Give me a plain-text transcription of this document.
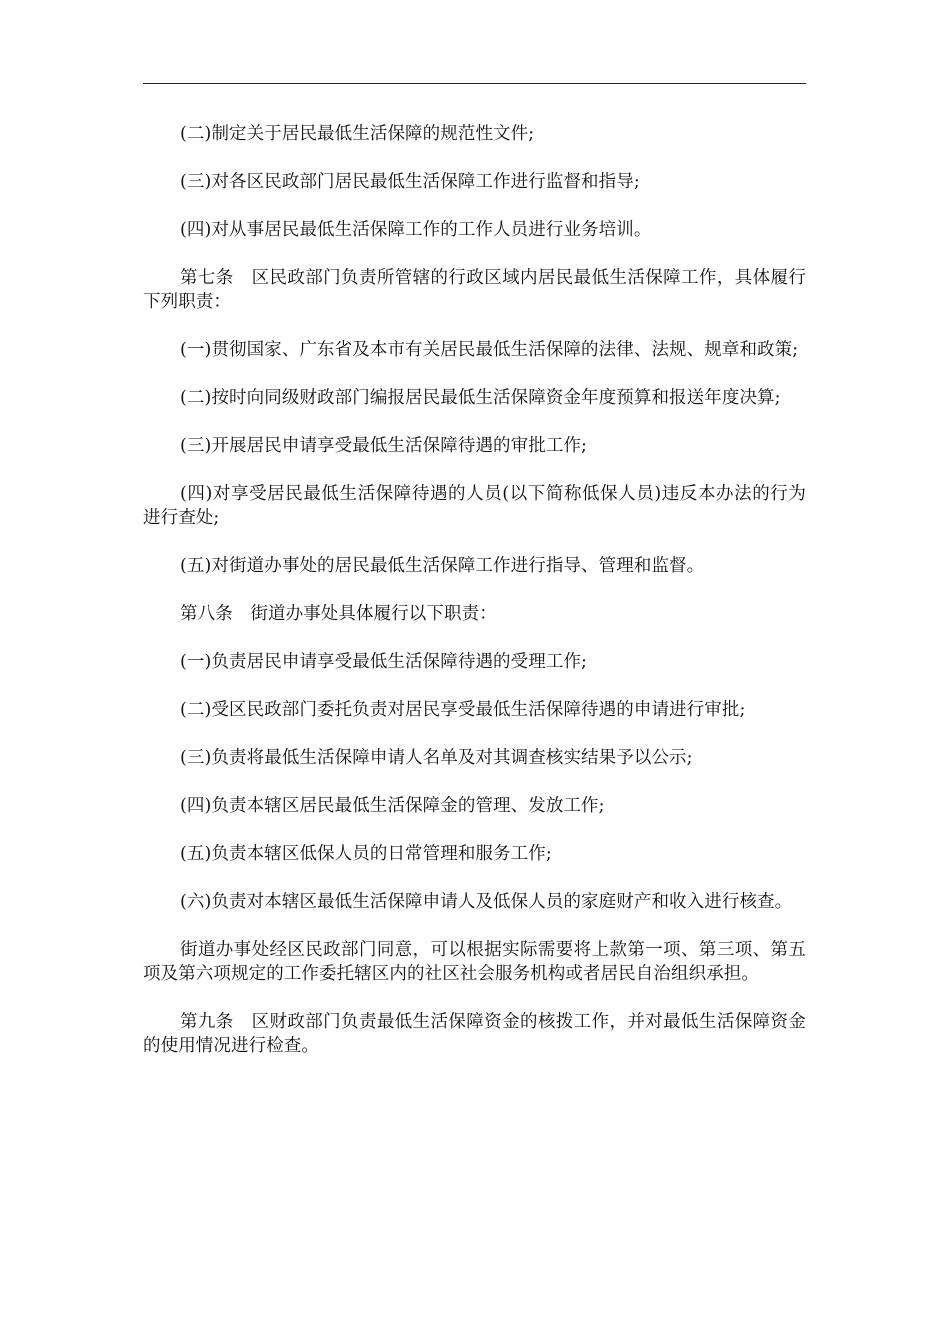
(二)制定关于居民最低生活保障的规范性文件;

(三)对各区民政部门居民最低生活保障工作进行监督和指导;

(四)对从事居民最低生活保障工作的工作人员进行业务培训。

第七条　区民政部门负责所管辖的行政区域内居民最低生活保障工作，具体履行下列职责：

(一)贯彻国家、广东省及本市有关居民最低生活保障的法律、法规、规章和政策;

(二)按时向同级财政部门编报居民最低生活保障资金年度预算和报送年度决算;

(三)开展居民申请享受最低生活保障待遇的审批工作;

(四)对享受居民最低生活保障待遇的人员(以下简称低保人员)违反本办法的行为进行查处;

(五)对街道办事处的居民最低生活保障工作进行指导、管理和监督。

第八条　街道办事处具体履行以下职责：

(一)负责居民申请享受最低生活保障待遇的受理工作;

(二)受区民政部门委托负责对居民享受最低生活保障待遇的申请进行审批;

(三)负责将最低生活保障申请人名单及对其调查核实结果予以公示;

(四)负责本辖区居民最低生活保障金的管理、发放工作;

(五)负责本辖区低保人员的日常管理和服务工作;

(六)负责对本辖区最低生活保障申请人及低保人员的家庭财产和收入进行核查。

街道办事处经区民政部门同意，可以根据实际需要将上款第一项、第三项、第五项及第六项规定的工作委托辖区内的社区社会服务机构或者居民自治组织承担。

第九条　区财政部门负责最低生活保障资金的核拨工作，并对最低生活保障资金的使用情况进行检查。
